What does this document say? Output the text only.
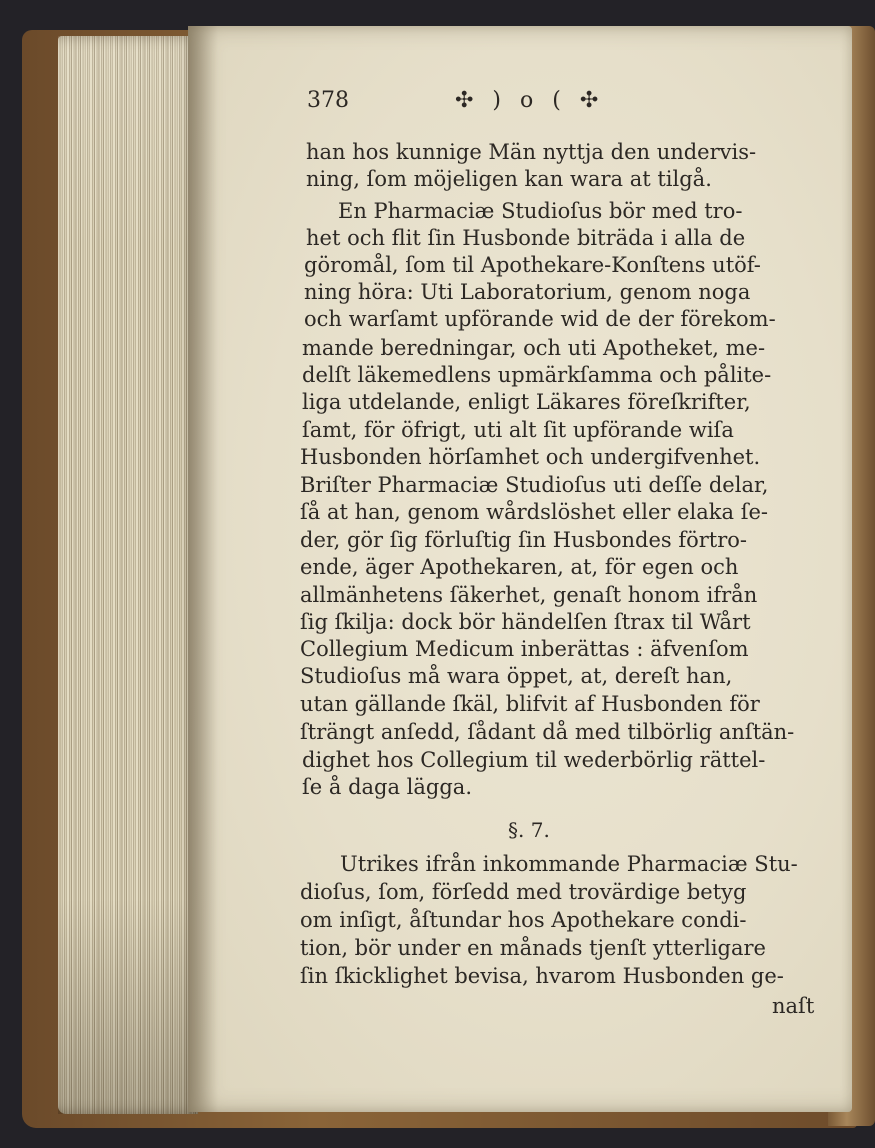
378	✣ ) o ( ✣
han hos kunnige Män nyttja den undervis-
ning, ſom möjeligen kan wara at tilgå.
En Pharmaciæ Studioſus bör med tro-
het och flit ſin Husbonde biträda i alla de
göromål, ſom til Apothekare-Konſtens utöf-
ning höra: Uti Laboratorium, genom noga
och warſamt upförande wid de der förekom-
mande beredningar, och uti Apotheket, me-
delſt läkemedlens upmärkſamma och pålite-
liga utdelande, enligt Läkares föreſkrifter,
ſamt, för öfrigt, uti alt ſit upförande wiſa
Husbonden hörſamhet och undergifvenhet.
Briſter Pharmaciæ Studioſus uti deſſe delar,
ſå at han, genom wårdslöshet eller elaka ſe-
der, gör ſig förluſtig ſin Husbondes förtro-
ende, äger Apothekaren, at, för egen och
allmänhetens ſäkerhet, genaſt honom ifrån
ſig ſkilja: dock bör händelſen ſtrax til Wårt
Collegium Medicum inberättas : äfvenſom
Studioſus må wara öppet, at, dereſt han,
utan gällande ſkäl, blifvit af Husbonden för
ſträngt anſedd, ſådant då med tilbörlig anſtän-
dighet hos Collegium til wederbörlig rättel-
ſe å daga lägga.
Utrikes ifrån inkommande Pharmaciæ Stu-
dioſus, ſom, förſedd med trovärdige betyg
om inſigt, åſtundar hos Apothekare condi-
tion, bör under en månads tjenſt ytterligare
ſin ſkicklighet bevisa, hvarom Husbonden ge-
§. 7.
naſt
